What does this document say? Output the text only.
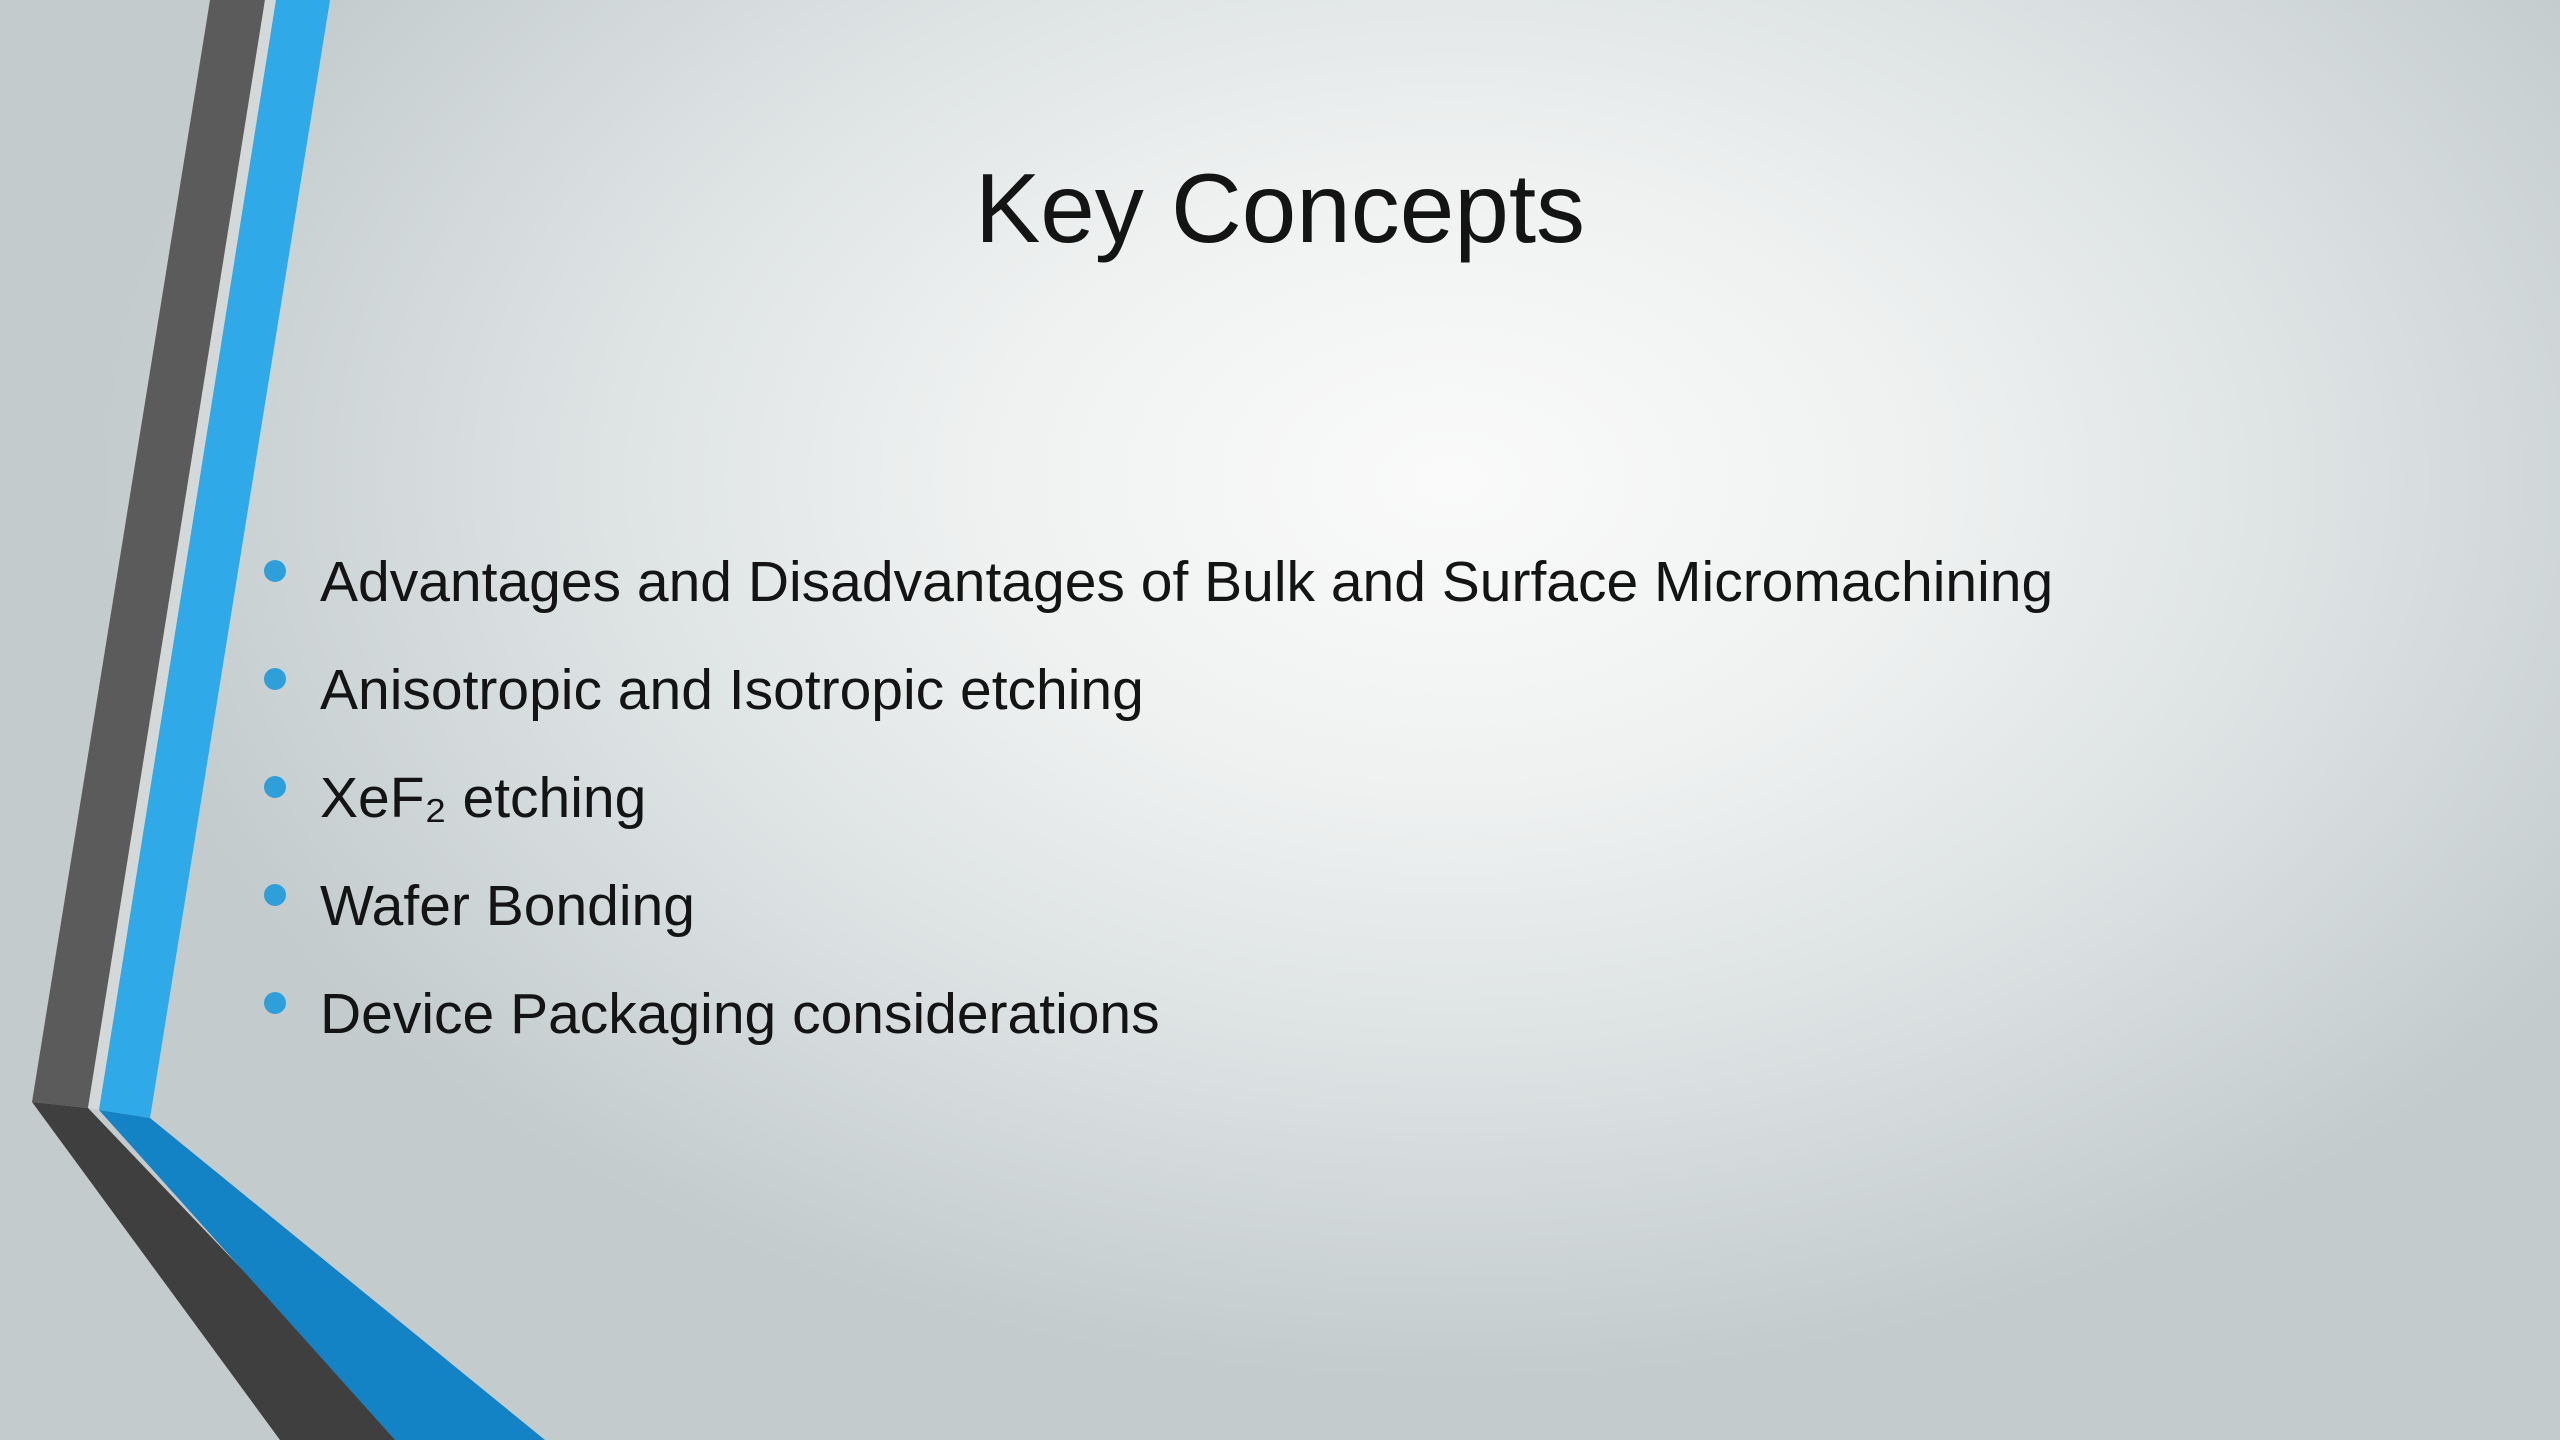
Key Concepts
Advantages and Disadvantages of Bulk and Surface Micromachining
Anisotropic and Isotropic etching
XeF₂ etching
Wafer Bonding
Device Packaging considerations
